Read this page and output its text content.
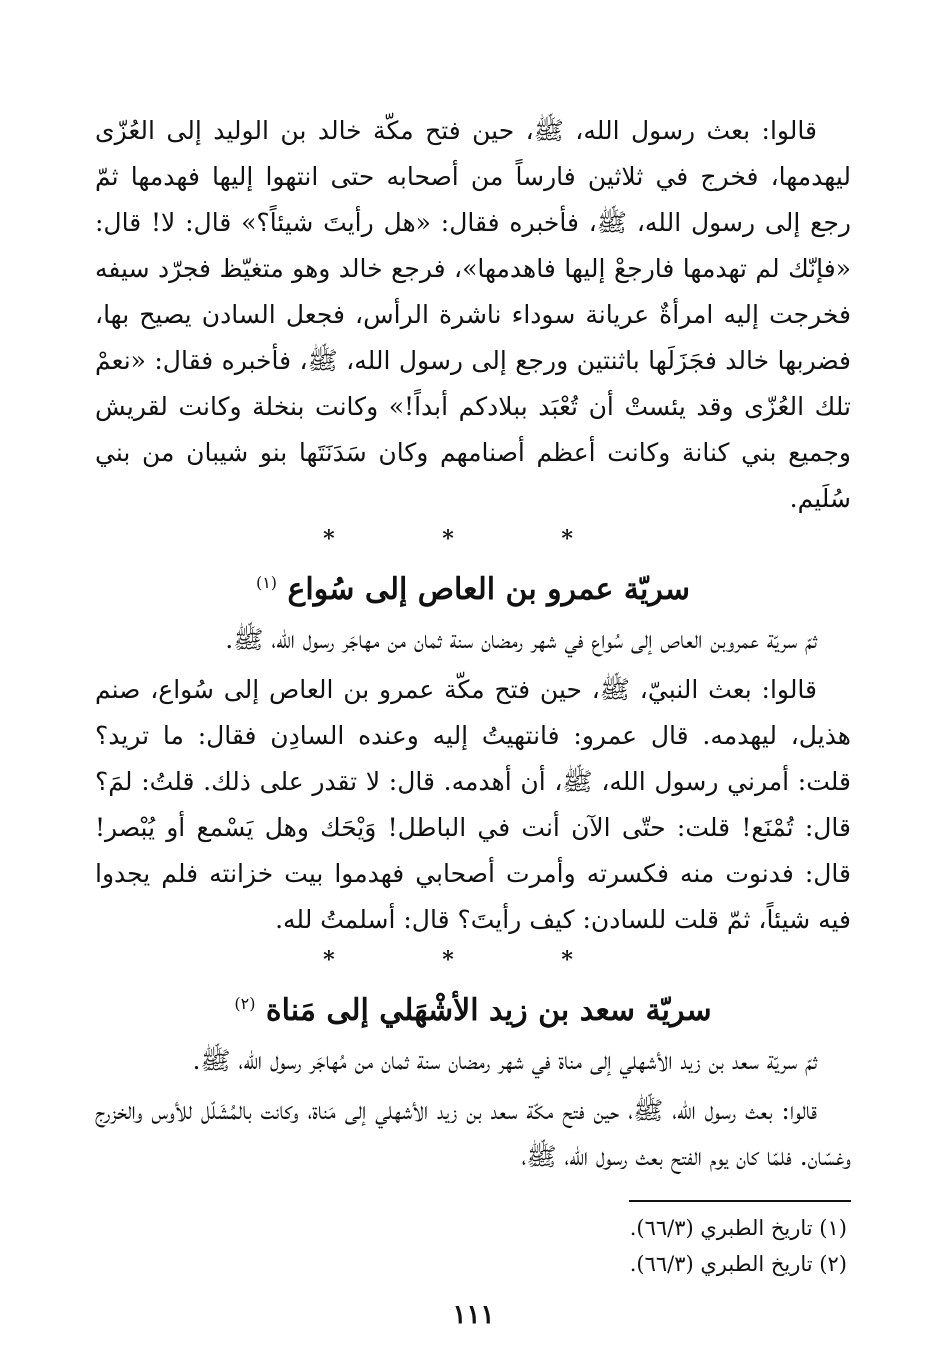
قالوا: بعث رسول الله، ﷺ، حين فتح مكّة خالد بن الوليد إلى العُزّى ليهدمها، فخرج في ثلاثين فارساً من أصحابه حتى انتهوا إليها فهدمها ثمّ رجع إلى رسول الله، ﷺ، فأخبره فقال: «هل رأيتَ شيئاً؟» قال: لا! قال: «فإنّك لم تهدمها فارجعْ إليها فاهدمها»، فرجع خالد وهو متغيّظ فجرّد سيفه فخرجت إليه امرأةٌ عريانة سوداء ناشرة الرأس، فجعل السادن يصيح بها، فضربها خالد فجَزَلَها باثنتين ورجع إلى رسول الله، ﷺ، فأخبره فقال: «نعمْ تلك العُزّى وقد يئستْ أن تُعْبَد ببلادكم أبداً!» وكانت بنخلة وكانت لقريش وجميع بني كنانة وكانت أعظم أصنامهم وكان سَدَنَتَها بنو شيبان من بني سُلَيم.

* * *
سريّة عمرو بن العاص إلى سُواع $^{(١)}$

ثمّ سريّة عمروبن العاص إلى سُواع في شهر رمضان سنة ثمان من مهاجَر رسول الله، ﷺ.

قالوا: بعث النبيّ، ﷺ، حين فتح مكّة عمرو بن العاص إلى سُواع، صنم هذيل، ليهدمه. قال عمرو: فانتهيتُ إليه وعنده السادِن فقال: ما تريد؟ قلت: أمرني رسول الله، ﷺ، أن أهدمه. قال: لا تقدر على ذلك. قلتُ: لمَ؟ قال: تُمْنَع! قلت: حتّى الآن أنت في الباطل! وَيْحَك وهل يَسْمع أو يُبْصر! قال: فدنوت منه فكسرته وأمرت أصحابي فهدموا بيت خزانته فلم يجدوا فيه شيئاً، ثمّ قلت للسادن: كيف رأيتَ؟ قال: أسلمتُ لله.

* * *
سريّة سعد بن زيد الأشْهَلي إلى مَناة $^{(٢)}$

ثمّ سريّة سعد بن زيد الأشهلي إلى مناة في شهر رمضان سنة ثمان من مُهاجَر رسول الله، ﷺ.

قالوا: بعث رسول الله، ﷺ، حين فتح مكّة سعد بن زيد الأشهلي إلى مَناة، وكانت بالمُشَلّل للأوس والخزرج وغسّان. فلمّا كان يوم الفتح بعث رسول الله، ﷺ،

(١) تاريخ الطبري (٦٦/٣).

(٢) تاريخ الطبري (٦٦/٣).

١١١
